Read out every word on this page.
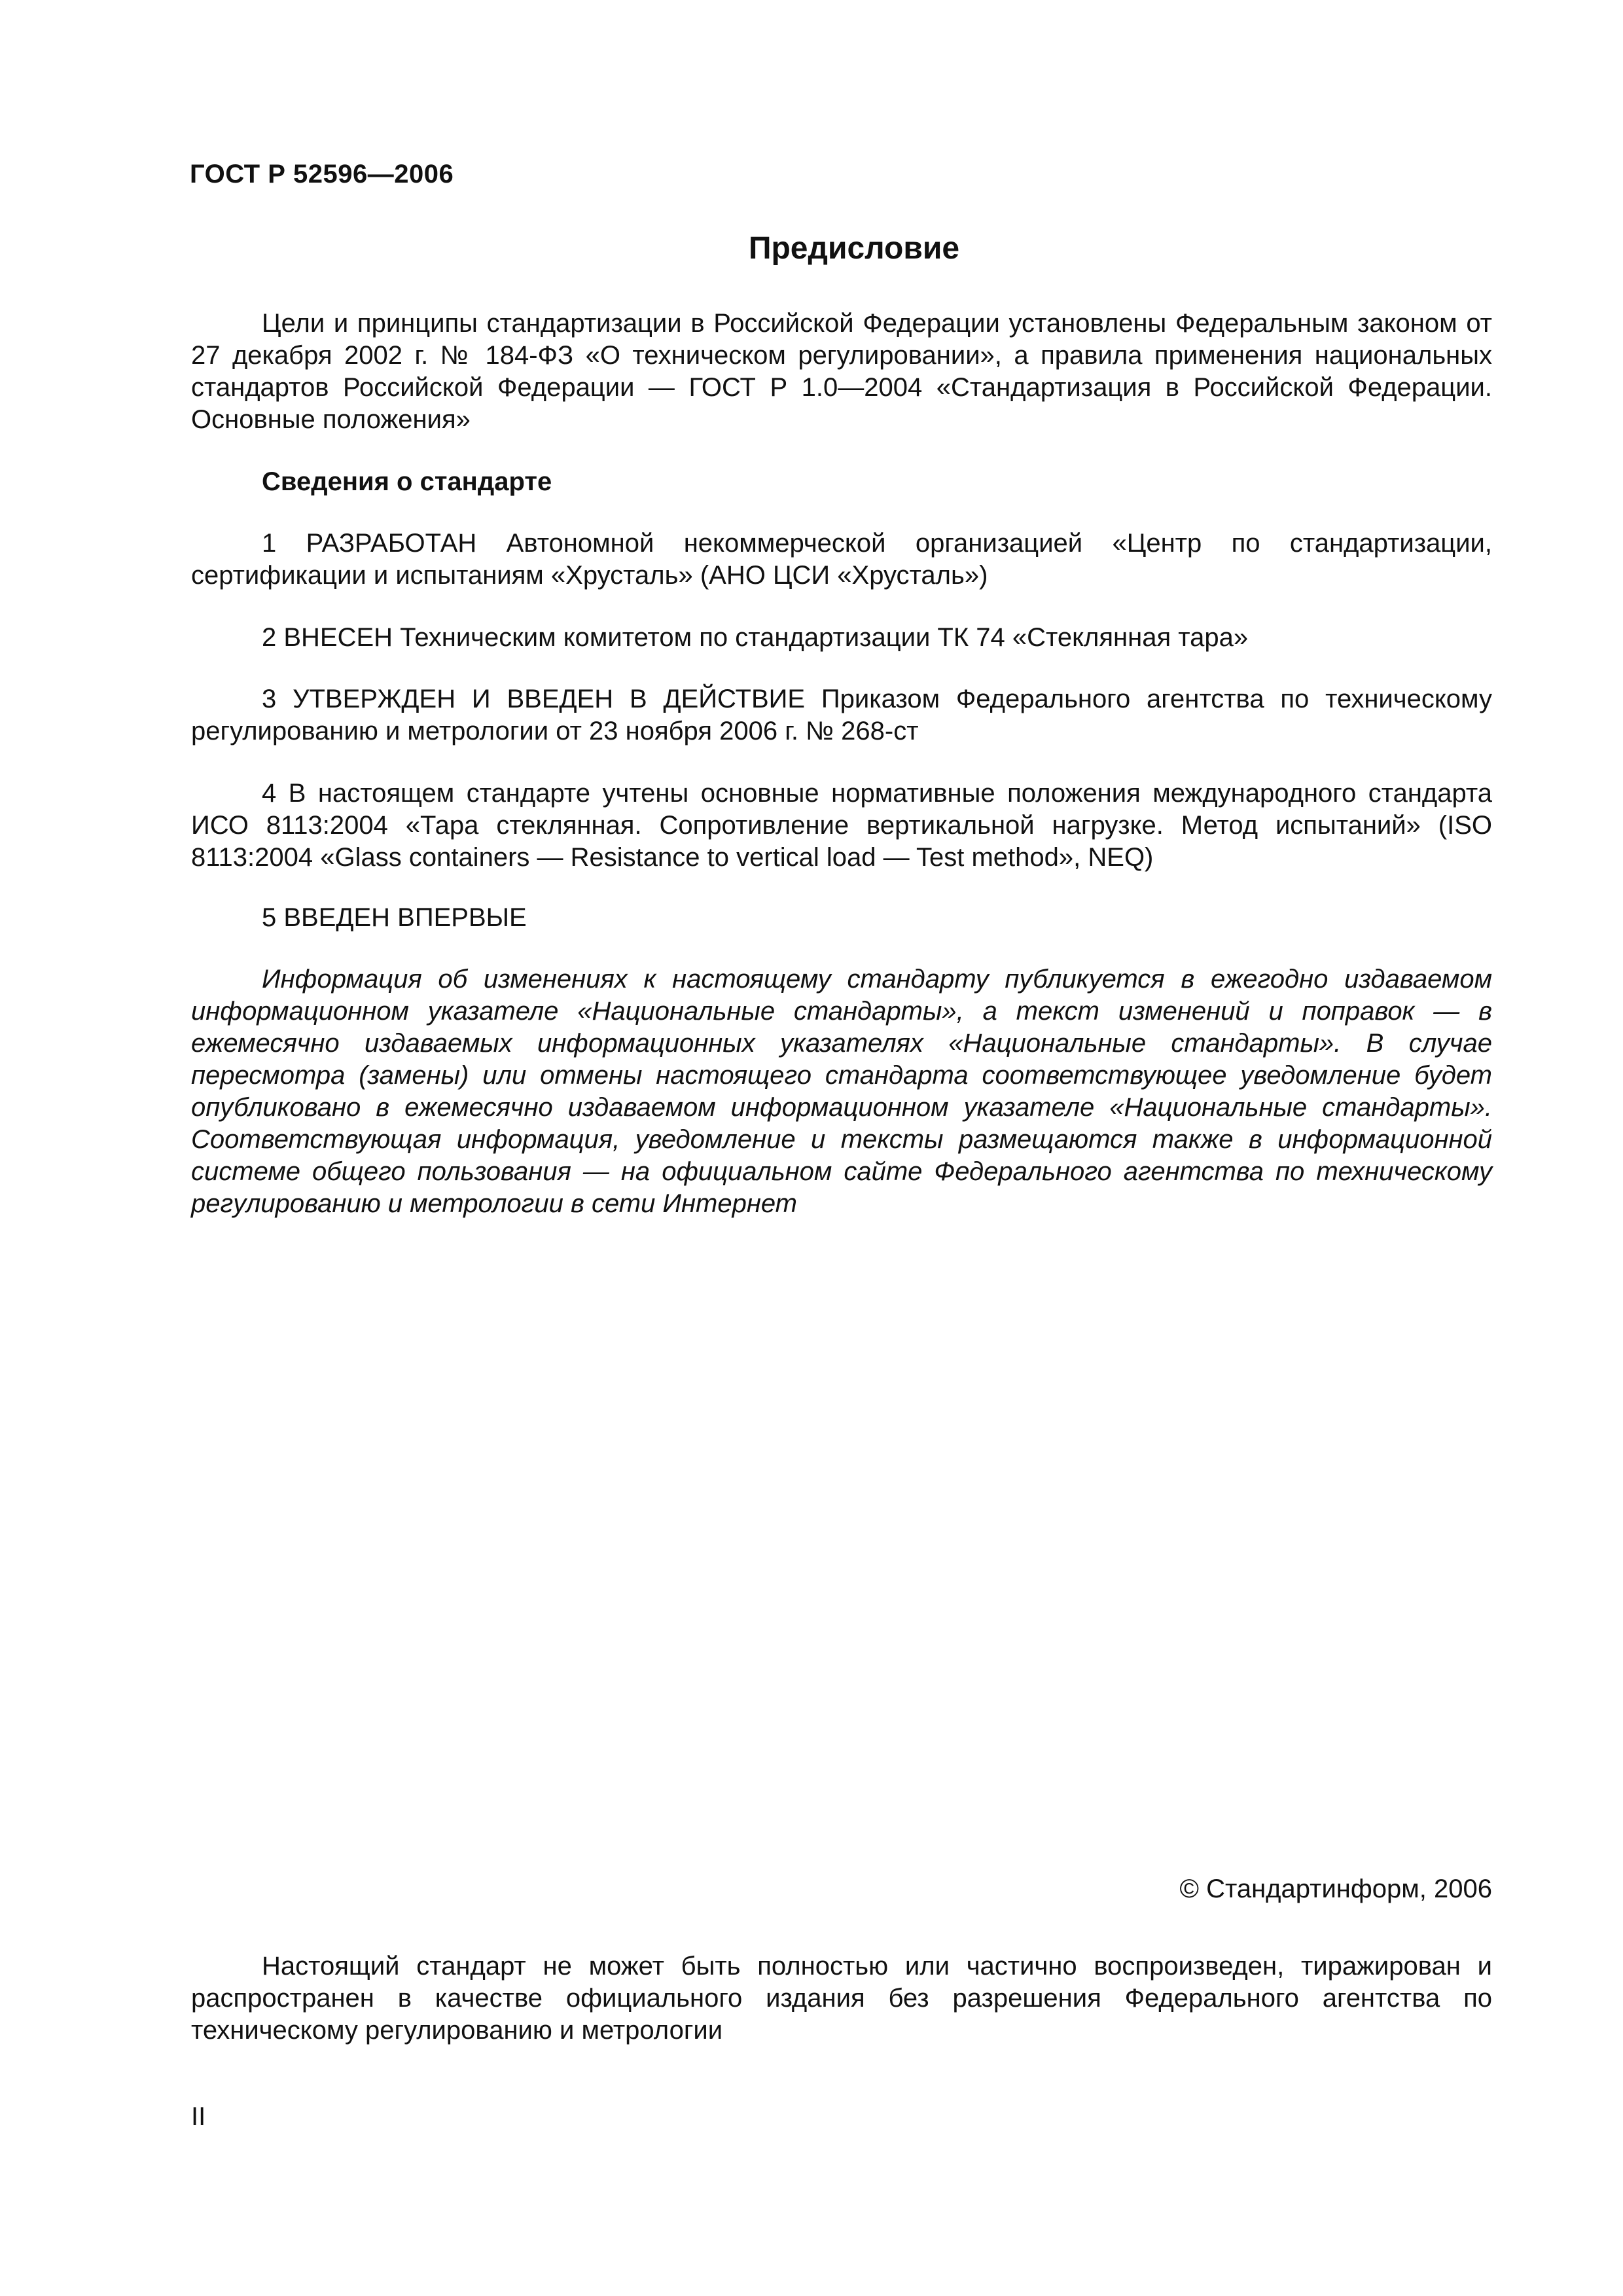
ГОСТ Р 52596—2006
Предисловие

Цели и принципы стандартизации в Российской Федерации установлены Федеральным законом от 27 декабря 2002 г. № 184-ФЗ «О техническом регулировании», а правила применения национальных стандартов Российской Федерации — ГОСТ Р 1.0—2004 «Стандартизация в Российской Федерации. Основные положения»

Сведения о стандарте

1 РАЗРАБОТАН Автономной некоммерческой организацией «Центр по стандартизации, сертификации и испытаниям «Хрусталь» (АНО ЦСИ «Хрусталь»)

2 ВНЕСЕН Техническим комитетом по стандартизации ТК 74 «Стеклянная тара»

3 УТВЕРЖДЕН И ВВЕДЕН В ДЕЙСТВИЕ Приказом Федерального агентства по техническому регулированию и метрологии от 23 ноября 2006 г. № 268-ст

4 В настоящем стандарте учтены основные нормативные положения международного стандарта ИСО 8113:2004 «Тара стеклянная. Сопротивление вертикальной нагрузке. Метод испытаний» (ISO 8113:2004 «Glass containers — Resistance to vertical load — Test method», NEQ)

5 ВВЕДЕН ВПЕРВЫЕ

Информация об изменениях к настоящему стандарту публикуется в ежегодно издаваемом информационном указателе «Национальные стандарты», а текст изменений и поправок — в ежемесячно издаваемых информационных указателях «Национальные стандарты». В случае пересмотра (замены) или отмены настоящего стандарта соответствующее уведомление будет опубликовано в ежемесячно издаваемом информационном указателе «Национальные стандарты». Соответствующая информация, уведомление и тексты размещаются также в информационной системе общего пользования — на официальном сайте Федерального агентства по техническому регулированию и метрологии в сети Интернет

© Стандартинформ, 2006

Настоящий стандарт не может быть полностью или частично воспроизведен, тиражирован и распространен в качестве официального издания без разрешения Федерального агентства по техническому регулированию и метрологии

II
